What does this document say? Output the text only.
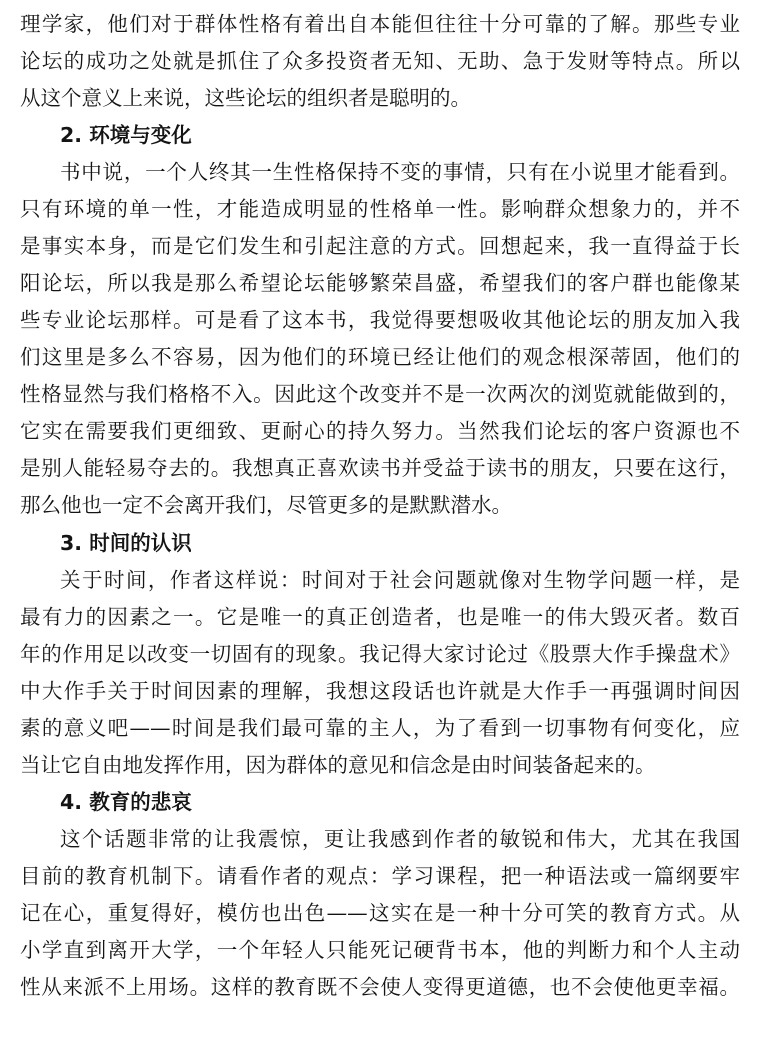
理学家，他们对于群体性格有着出自本能但往往十分可靠的了解。那些专业
论坛的成功之处就是抓住了众多投资者无知、无助、急于发财等特点。所以
从这个意义上来说，这些论坛的组织者是聪明的。
2. 环境与变化
书中说，一个人终其一生性格保持不变的事情，只有在小说里才能看到。
只有环境的单一性，才能造成明显的性格单一性。影响群众想象力的，并不
是事实本身，而是它们发生和引起注意的方式。回想起来，我一直得益于长
阳论坛，所以我是那么希望论坛能够繁荣昌盛，希望我们的客户群也能像某
些专业论坛那样。可是看了这本书，我觉得要想吸收其他论坛的朋友加入我
们这里是多么不容易，因为他们的环境已经让他们的观念根深蒂固，他们的
性格显然与我们格格不入。因此这个改变并不是一次两次的浏览就能做到的，
它实在需要我们更细致、更耐心的持久努力。当然我们论坛的客户资源也不
是别人能轻易夺去的。我想真正喜欢读书并受益于读书的朋友，只要在这行，
那么他也一定不会离开我们，尽管更多的是默默潜水。
3. 时间的认识
关于时间，作者这样说：时间对于社会问题就像对生物学问题一样，是
最有力的因素之一。它是唯一的真正创造者，也是唯一的伟大毁灭者。数百
年的作用足以改变一切固有的现象。我记得大家讨论过《股票大作手操盘术》
中大作手关于时间因素的理解，我想这段话也许就是大作手一再强调时间因
素的意义吧——时间是我们最可靠的主人，为了看到一切事物有何变化，应
当让它自由地发挥作用，因为群体的意见和信念是由时间装备起来的。
4. 教育的悲哀
这个话题非常的让我震惊，更让我感到作者的敏锐和伟大，尤其在我国
目前的教育机制下。请看作者的观点：学习课程，把一种语法或一篇纲要牢
记在心，重复得好，模仿也出色——这实在是一种十分可笑的教育方式。从
小学直到离开大学，一个年轻人只能死记硬背书本，他的判断力和个人主动
性从来派不上用场。这样的教育既不会使人变得更道德，也不会使他更幸福。
